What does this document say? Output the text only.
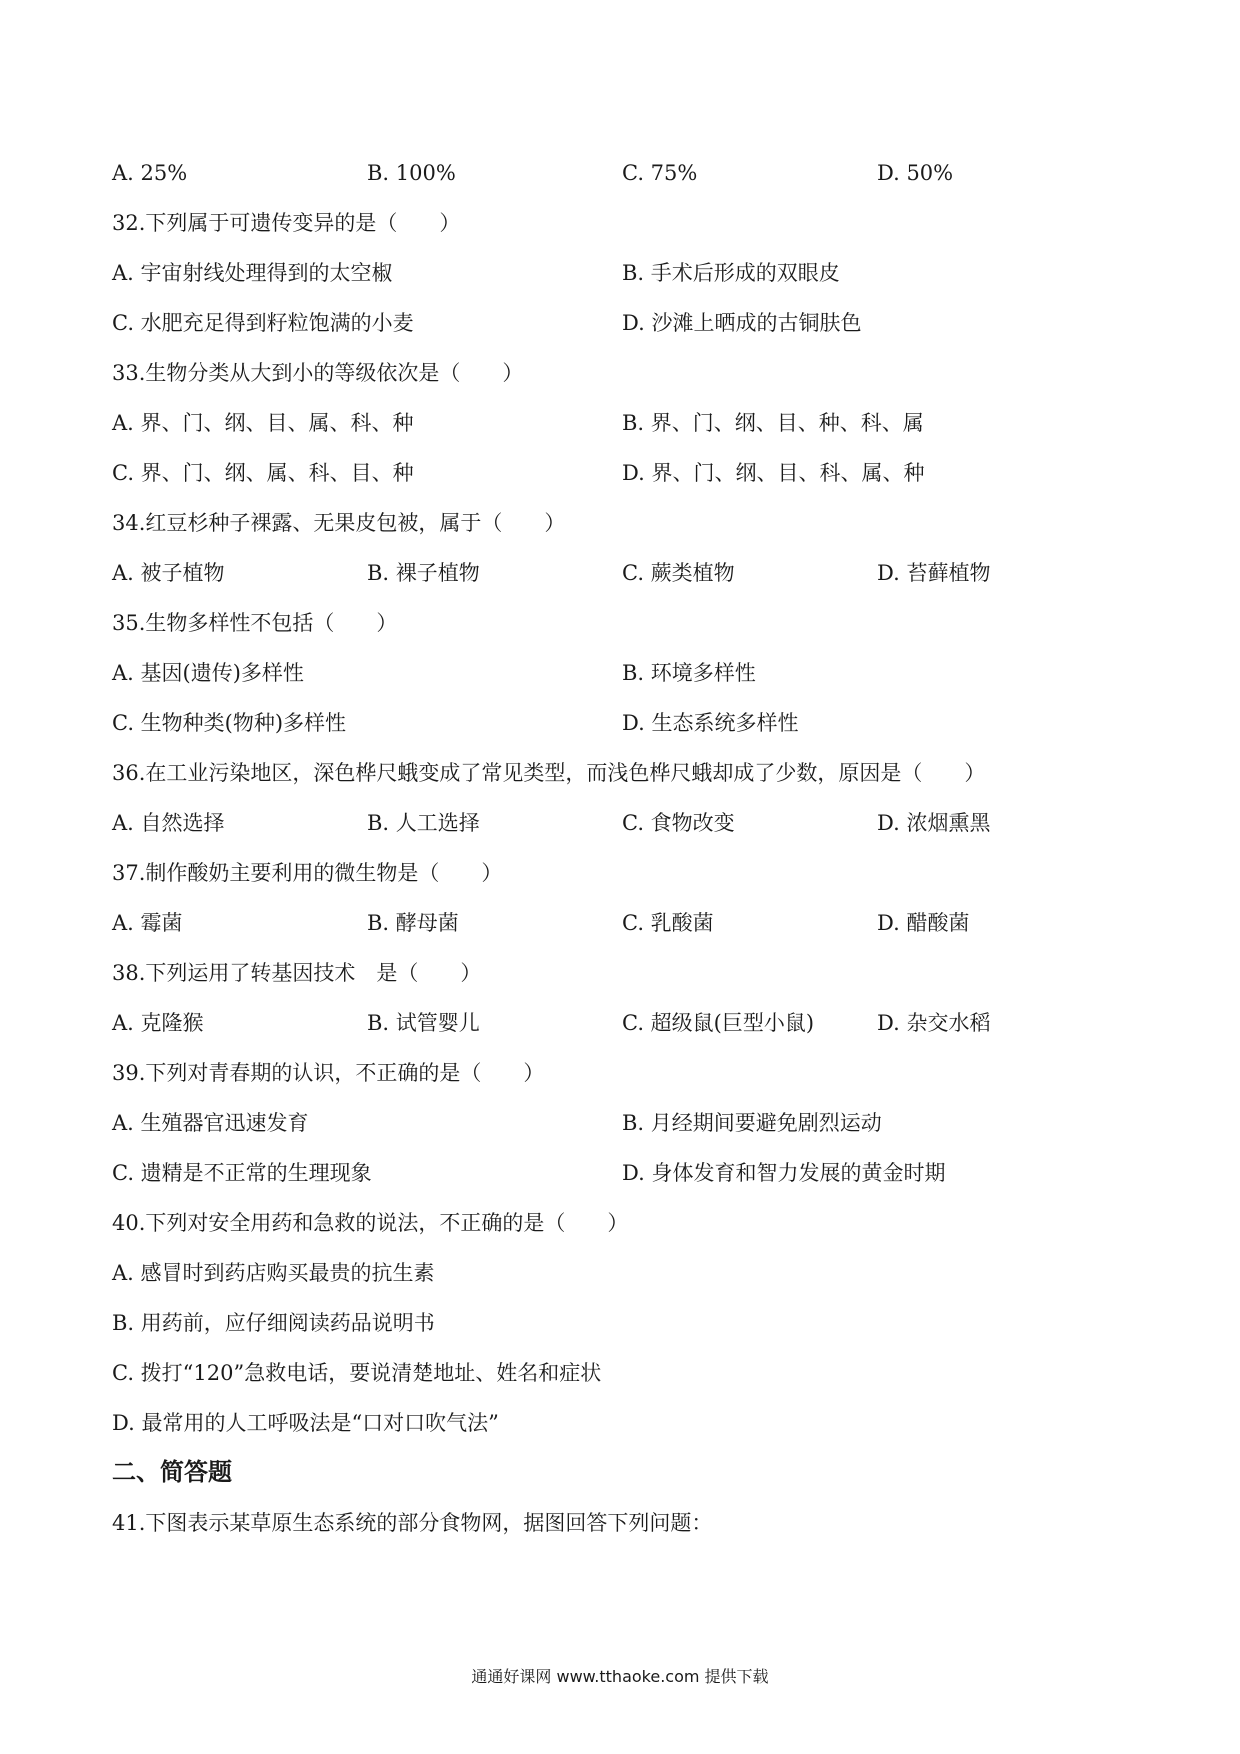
A. 25%	B. 100%	C. 75%	D. 50%
32.下列属于可遗传变异的是（　　）
A. 宇宙射线处理得到的太空椒	B. 手术后形成的双眼皮
C. 水肥充足得到籽粒饱满的小麦	D. 沙滩上晒成的古铜肤色
33.生物分类从大到小的等级依次是（　　）
A. 界、门、纲、目、属、科、种	B. 界、门、纲、目、种、科、属
C. 界、门、纲、属、科、目、种	D. 界、门、纲、目、科、属、种
34.红豆杉种子裸露、无果皮包被，属于（　　）
A. 被子植物	B. 裸子植物	C. 蕨类植物	D. 苔藓植物
35.生物多样性不包括（　　）
A. 基因(遗传)多样性	B. 环境多样性
C. 生物种类(物种)多样性	D. 生态系统多样性
36.在工业污染地区，深色桦尺蛾变成了常见类型，而浅色桦尺蛾却成了少数，原因是（　　）
A. 自然选择	B. 人工选择	C. 食物改变	D. 浓烟熏黑
37.制作酸奶主要利用的微生物是（　　）
A. 霉菌	B. 酵母菌	C. 乳酸菌	D. 醋酸菌
38.下列运用了转基因技术　是（　　）
A. 克隆猴	B. 试管婴儿	C. 超级鼠(巨型小鼠)	D. 杂交水稻
39.下列对青春期的认识，不正确的是（　　）
A. 生殖器官迅速发育	B. 月经期间要避免剧烈运动
C. 遗精是不正常的生理现象	D. 身体发育和智力发展的黄金时期
40.下列对安全用药和急救的说法，不正确的是（　　）
A. 感冒时到药店购买最贵的抗生素
B. 用药前，应仔细阅读药品说明书
C. 拨打“120”急救电话，要说清楚地址、姓名和症状
D. 最常用的人工呼吸法是“口对口吹气法”
二、简答题
41.下图表示某草原生态系统的部分食物网，据图回答下列问题：
通通好课网 www.tthaoke.com 提供下载
